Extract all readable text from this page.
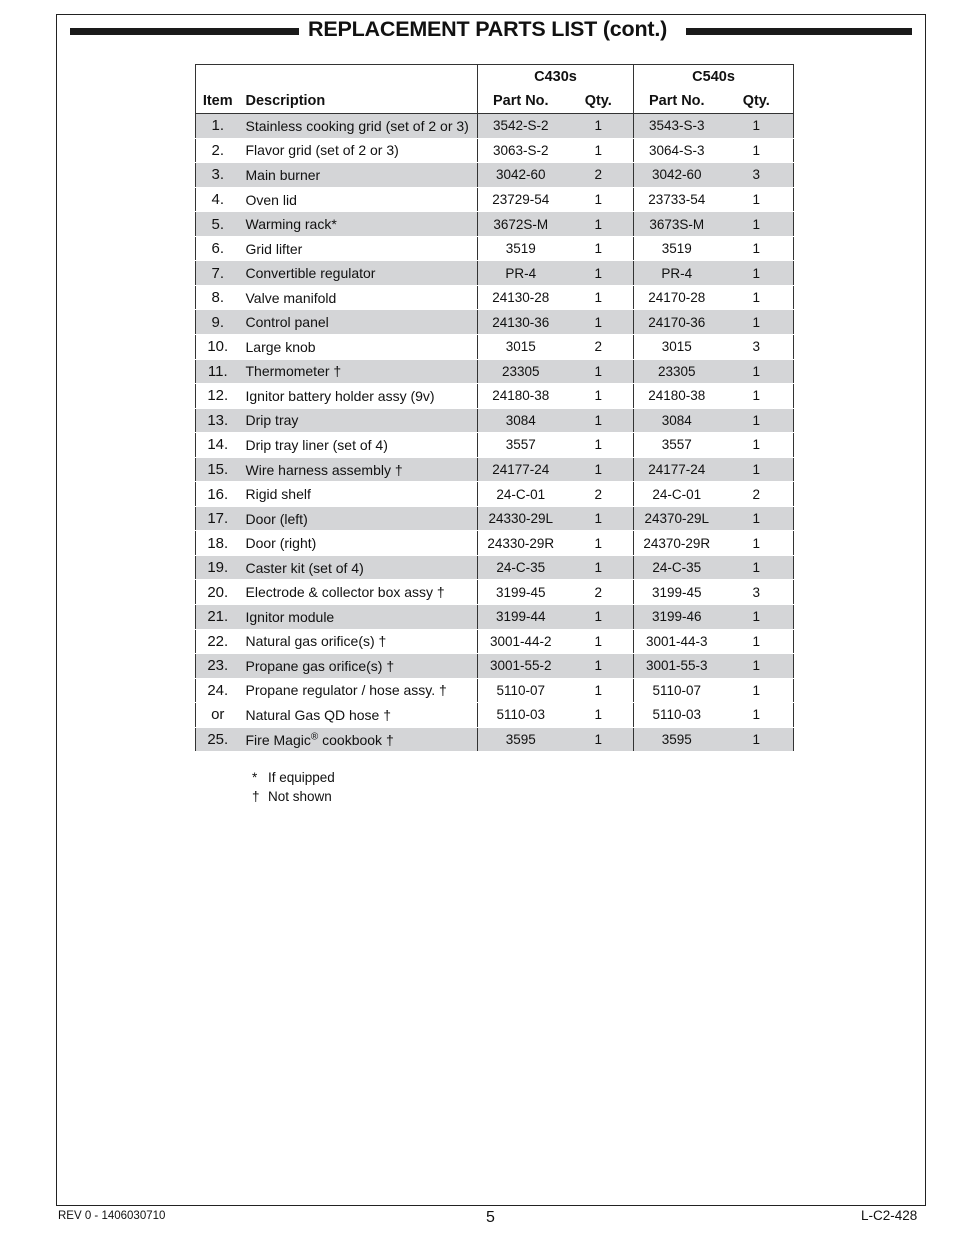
REPLACEMENT PARTS LIST (cont.)
		C430s		C540s	
Item	Description	Part No.	Qty.	Part No.	Qty.
1.	Stainless cooking grid (set of 2 or 3)	3542-S-2	1	3543-S-3	1
2.	Flavor grid (set of 2 or 3)	3063-S-2	1	3064-S-3	1
3.	Main burner	3042-60	2	3042-60	3
4.	Oven lid	23729-54	1	23733-54	1
5.	Warming rack*	3672S-M	1	3673S-M	1
6.	Grid lifter	3519	1	3519	1
7.	Convertible regulator	PR-4	1	PR-4	1
8.	Valve manifold	24130-28	1	24170-28	1
9.	Control panel	24130-36	1	24170-36	1
10.	Large knob	3015	2	3015	3
11.	Thermometer †	23305	1	23305	1
12.	Ignitor battery holder assy (9v)	24180-38	1	24180-38	1
13.	Drip tray	3084	1	3084	1
14.	Drip tray liner (set of 4)	3557	1	3557	1
15.	Wire harness assembly †	24177-24	1	24177-24	1
16.	Rigid shelf	24-C-01	2	24-C-01	2
17.	Door (left)	24330-29L	1	24370-29L	1
18.	Door (right)	24330-29R	1	24370-29R	1
19.	Caster kit (set of 4)	24-C-35	1	24-C-35	1
20.	Electrode & collector box assy †	3199-45	2	3199-45	3
21.	Ignitor module	3199-44	1	3199-46	1
22.	Natural gas orifice(s) †	3001-44-2	1	3001-44-3	1
23.	Propane gas orifice(s) †	3001-55-2	1	3001-55-3	1
24.	Propane regulator / hose assy. †	5110-07	1	5110-07	1
or	Natural Gas QD hose †	5110-03	1	5110-03	1
25.	Fire Magic® cookbook †	3595	1	3595	1
* If equipped
† Not shown
REV 0 - 1406030710	5	L-C2-428
